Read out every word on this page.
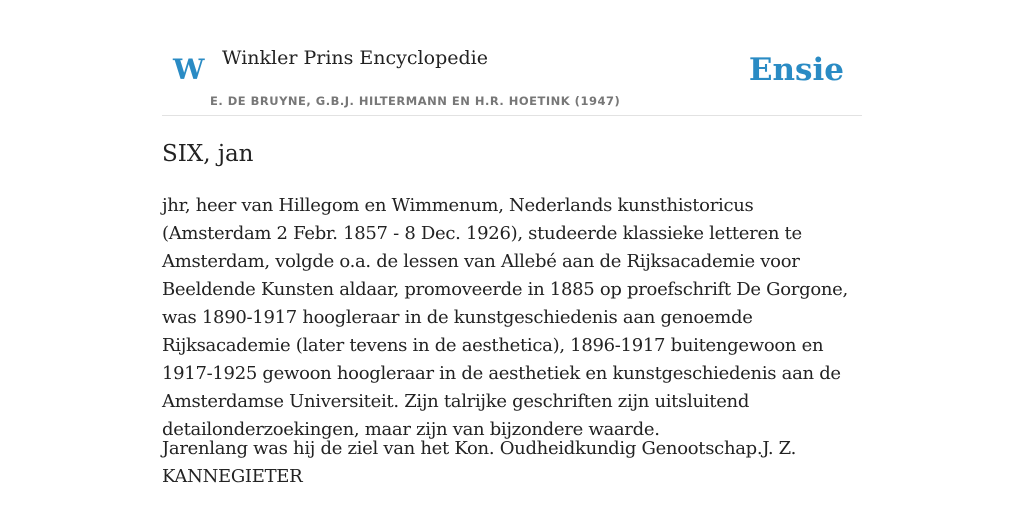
W Winkler Prins Encyclopedie
E. DE BRUYNE, G.B.J. HILTERMANN EN H.R. HOETINK (1947)
Ensie
SIX, jan

jhr, heer van Hillegom en Wimmenum, Nederlands kunsthistoricus (Amsterdam 2 Febr. 1857 - 8 Dec. 1926), studeerde klassieke letteren te Amsterdam, volgde o.a. de lessen van Allebé aan de Rijksacademie voor Beeldende Kunsten aldaar, promoveerde in 1885 op proefschrift De Gorgone, was 1890-1917 hoogleraar in de kunstgeschiedenis aan genoemde Rijksacademie (later tevens in de aesthetica), 1896-1917 buitengewoon en 1917-1925 gewoon hoogleraar in de aesthetiek en kunstgeschiedenis aan de Amsterdamse Universiteit. Zijn talrijke geschriften zijn uitsluitend detailonderzoekingen, maar zijn van bijzondere waarde.

Jarenlang was hij de ziel van het Kon. Oudheidkundig Genootschap.J. Z. KANNEGIETER
